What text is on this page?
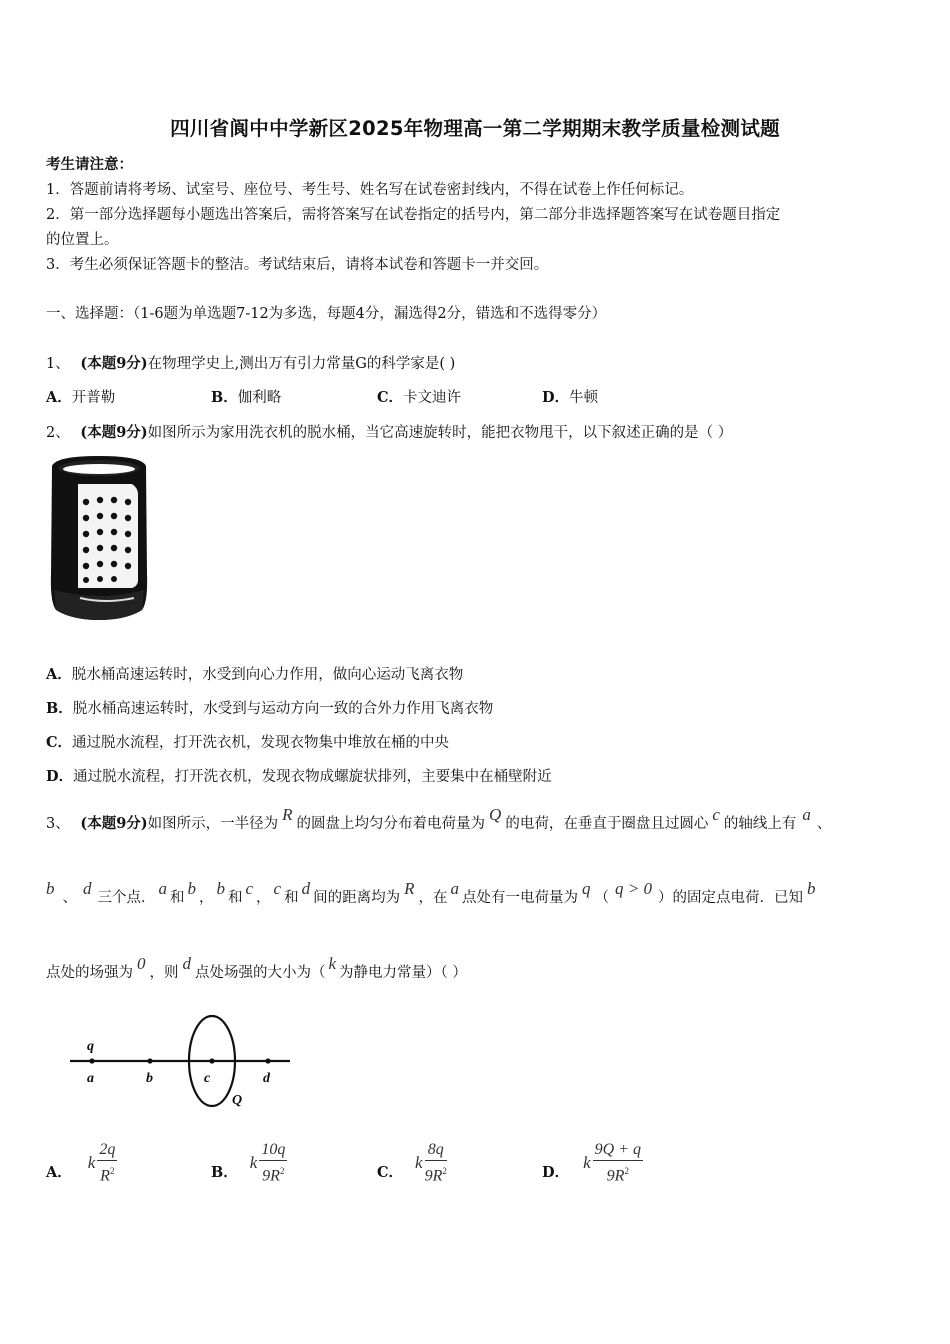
四川省阆中中学新区2025年物理高一第二学期期末教学质量检测试题
考生请注意：
1．答题前请将考场、试室号、座位号、考生号、姓名写在试卷密封线内，不得在试卷上作任何标记。
2．第一部分选择题每小题选出答案后，需将答案写在试卷指定的括号内，第二部分非选择题答案写在试卷题目指定
的位置上。
3．考生必须保证答题卡的整洁。考试结束后，请将本试卷和答题卡一并交回。
一、选择题：（1-6题为单选题7-12为多选，每题4分，漏选得2分，错选和不选得零分）
1、 (本题9分)在物理学史上,测出万有引力常量G的科学家是( )
A．开普勒	B．伽利略	C．卡文迪许	D．牛顿
2、 (本题9分)如图所示为家用洗衣机的脱水桶，当它高速旋转时，能把衣物甩干，以下叙述正确的是（ ）
A．脱水桶高速运转时，水受到向心力作用，做向心运动飞离衣物
B．脱水桶高速运转时，水受到与运动方向一致的合外力作用飞离衣物
C．通过脱水流程，打开洗衣机，发现衣物集中堆放在桶的中央
D．通过脱水流程，打开洗衣机，发现衣物成螺旋状排列，主要集中在桶壁附近
3、 (本题9分)如图所示，一半径为 R 的圆盘上均匀分布着电荷量为 Q 的电荷，在垂直于圈盘且过圆心 c 的轴线上有 a 、
b 、 d 三个点． a 和 b ， b 和 c ， c 和 d 间的距离均为 R ，在 a 点处有一电荷量为 q （ q > 0 ）的固定点电荷．已知 b
点处的场强为 0 ，则 d 点处场强的大小为（ k 为静电力常量）（ ）
q
a	b	c	d
Q
A． k $\frac{2q}{R^2}$	B． k $\frac{10q}{9R^2}$	C． k $\frac{8q}{9R^2}$	D． k $\frac{9Q + q}{9R^2}$
